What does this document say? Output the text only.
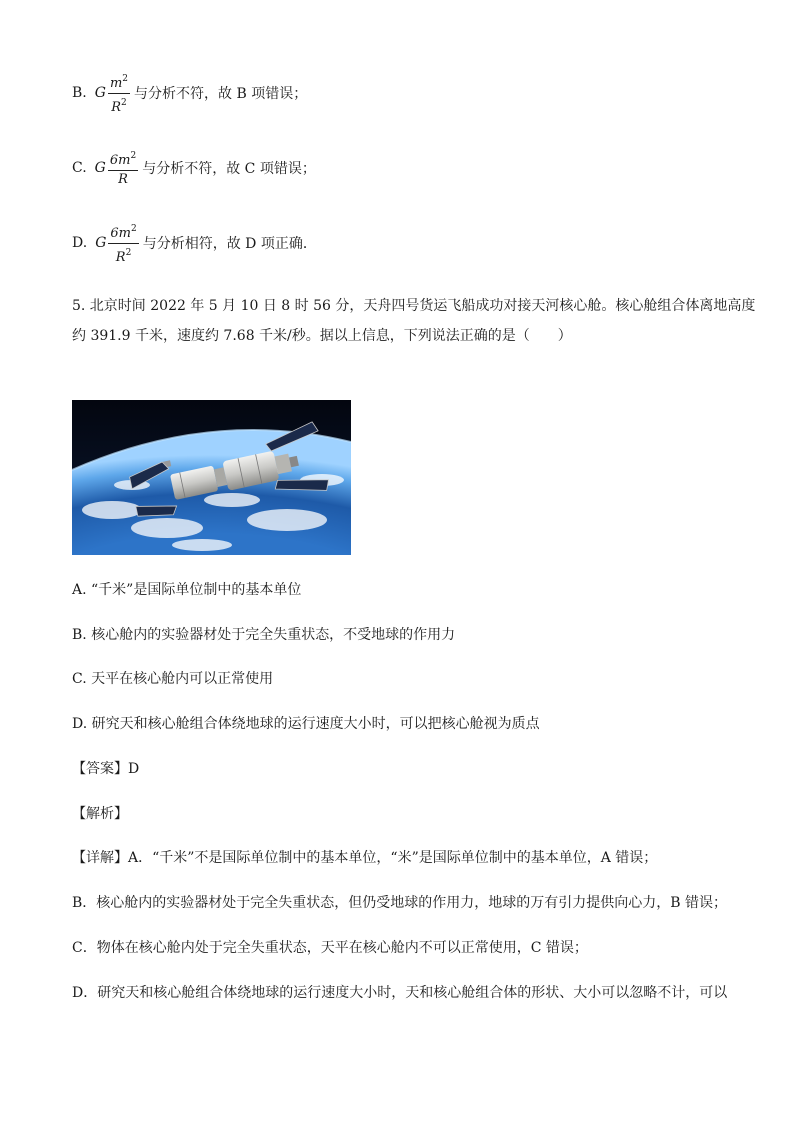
B. G $\frac{m^2}{R^2}$ 与分析不符，故 B 项错误；
C. G $\frac{6m^2}{R}$ 与分析不符，故 C 项错误；
D. G $\frac{6m^2}{R^2}$ 与分析相符，故 D 项正确．
5. 北京时间 2022 年 5 月 10 日 8 时 56 分，天舟四号货运飞船成功对接天河核心舱。核心舱组合体离地高度
约 391.9 千米，速度约 7.68 千米/秒。据以上信息，下列说法正确的是（　　）
A. “千米”是国际单位制中的基本单位
B. 核心舱内的实验器材处于完全失重状态，不受地球的作用力
C. 天平在核心舱内可以正常使用
D. 研究天和核心舱组合体绕地球的运行速度大小时，可以把核心舱视为质点
【答案】D
【解析】
【详解】A．“千米”不是国际单位制中的基本单位，“米”是国际单位制中的基本单位，A 错误；
B．核心舱内的实验器材处于完全失重状态，但仍受地球的作用力，地球的万有引力提供向心力，B 错误；
C．物体在核心舱内处于完全失重状态，天平在核心舱内不可以正常使用，C 错误；
D．研究天和核心舱组合体绕地球的运行速度大小时，天和核心舱组合体的形状、大小可以忽略不计，可以
